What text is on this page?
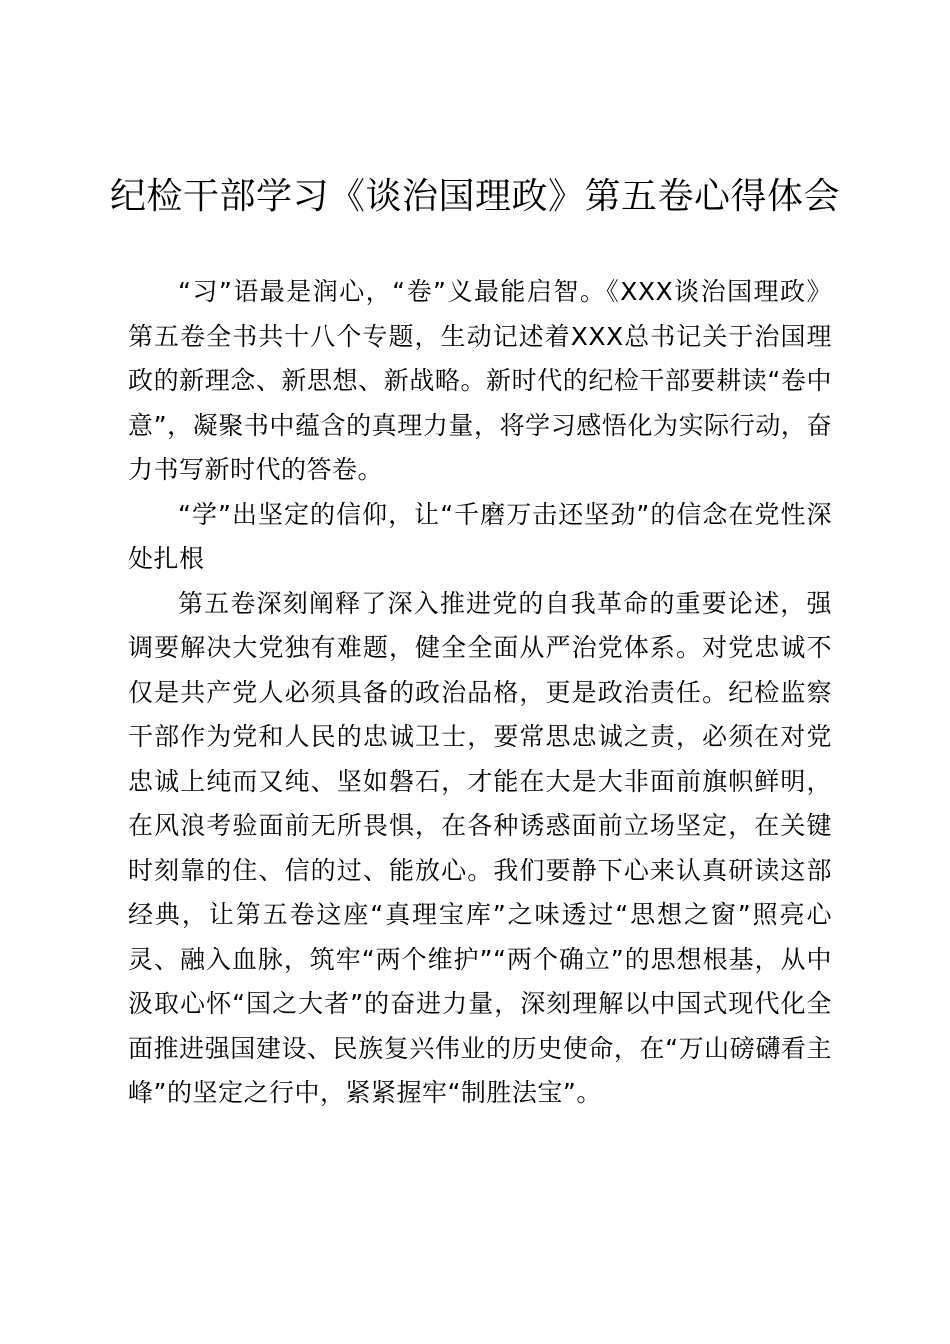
纪检干部学习《谈治国理政》第五卷心得体会

“习”语最是润心，“卷”义最能启智。《XXX谈治国理政》第五卷全书共十八个专题，生动记述着XXX总书记关于治国理政的新理念、新思想、新战略。新时代的纪检干部要耕读“卷中意”，凝聚书中蕴含的真理力量，将学习感悟化为实际行动，奋力书写新时代的答卷。

“学”出坚定的信仰，让“千磨万击还坚劲”的信念在党性深处扎根

第五卷深刻阐释了深入推进党的自我革命的重要论述，强调要解决大党独有难题，健全全面从严治党体系。对党忠诚不仅是共产党人必须具备的政治品格，更是政治责任。纪检监察干部作为党和人民的忠诚卫士，要常思忠诚之责，必须在对党忠诚上纯而又纯、坚如磐石，才能在大是大非面前旗帜鲜明，在风浪考验面前无所畏惧，在各种诱惑面前立场坚定，在关键时刻靠的住、信的过、能放心。我们要静下心来认真研读这部经典，让第五卷这座“真理宝库”之味透过“思想之窗”照亮心灵、融入血脉，筑牢“两个维护”“两个确立”的思想根基，从中汲取心怀“国之大者”的奋进力量，深刻理解以中国式现代化全面推进强国建设、民族复兴伟业的历史使命，在“万山磅礴看主峰”的坚定之行中，紧紧握牢“制胜法宝”。
